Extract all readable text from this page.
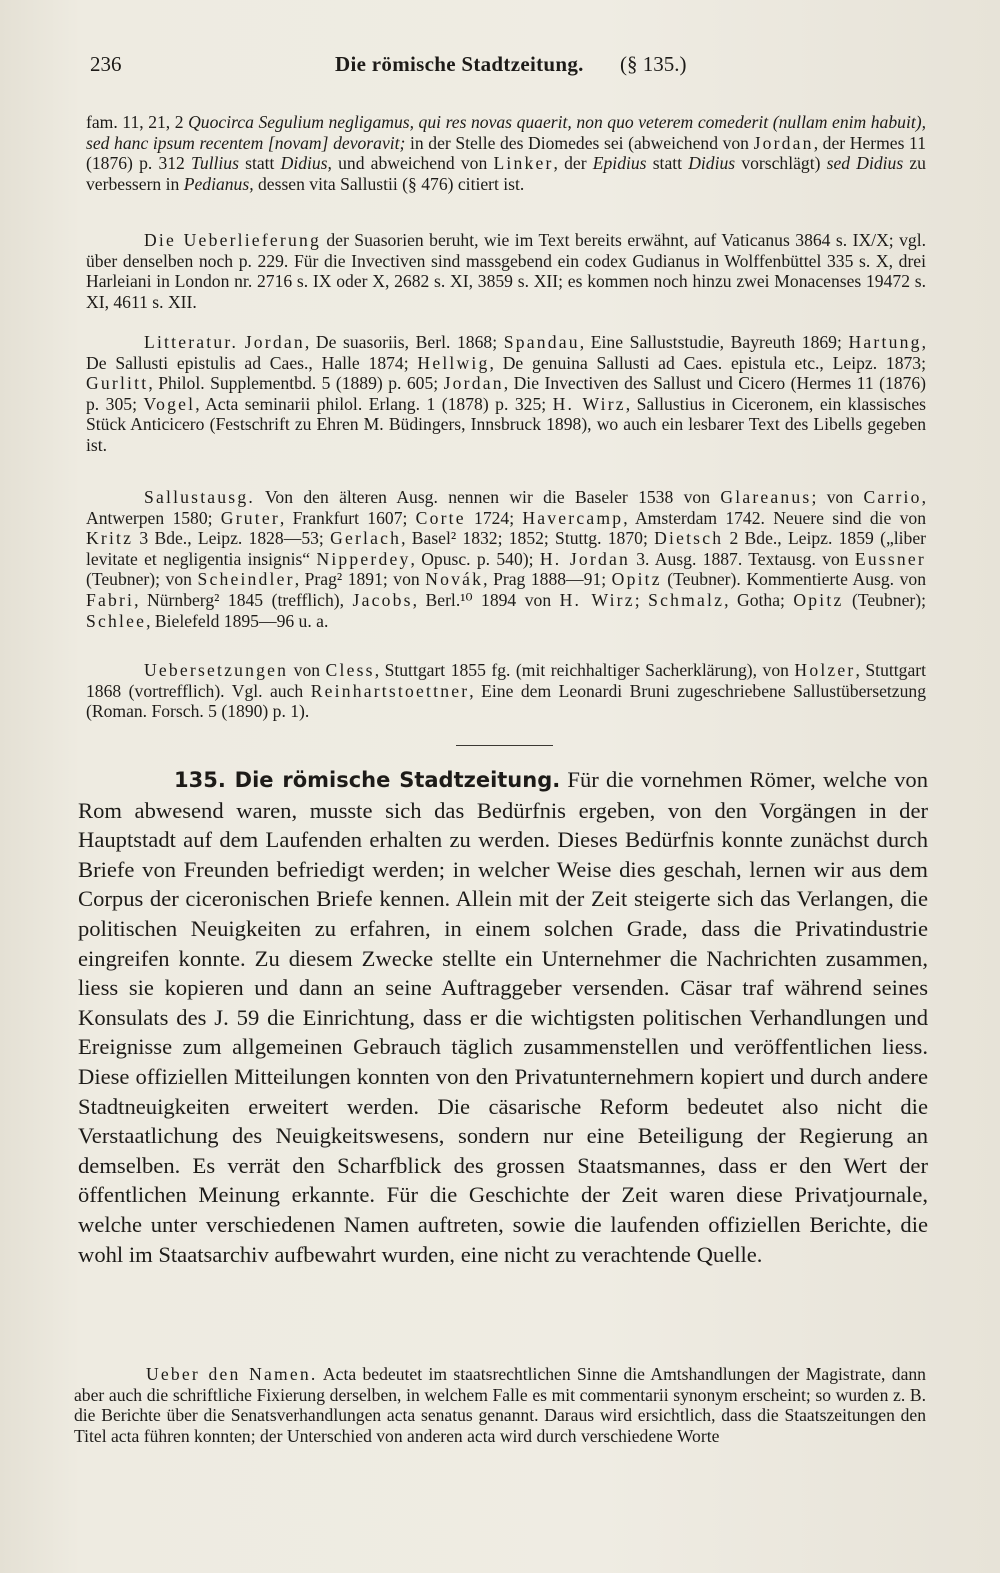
236	Die römische Stadtzeitung. (§ 135.)

fam. 11, 21, 2 Quocirca Segulium negligamus, qui res novas quaerit, non quo veterem comederit (nullam enim habuit), sed hanc ipsum recentem [novam] devoravit; in der Stelle des Diomedes sei (abweichend von Jordan, der Hermes 11 (1876) p. 312 Tullius statt Didius, und abweichend von Linker, der Epidius statt Didius vorschlägt) sed Didius zu verbessern in Pedianus, dessen vita Sallustii (§ 476) citiert ist.

Die Ueberlieferung der Suasorien beruht, wie im Text bereits erwähnt, auf Vaticanus 3864 s. IX/X; vgl. über denselben noch p. 229. Für die Invectiven sind massgebend ein codex Gudianus in Wolffenbüttel 335 s. X, drei Harleiani in London nr. 2716 s. IX oder X, 2682 s. XI, 3859 s. XII; es kommen noch hinzu zwei Monacenses 19472 s. XI, 4611 s. XII.

Litteratur. Jordan, De suasoriis, Berl. 1868; Spandau, Eine Salluststudie, Bayreuth 1869; Hartung, De Sallusti epistulis ad Caes., Halle 1874; Hellwig, De genuina Sallusti ad Caes. epistula etc., Leipz. 1873; Gurlitt, Philol. Supplementbd. 5 (1889) p. 605; Jordan, Die Invectiven des Sallust und Cicero (Hermes 11 (1876) p. 305; Vogel, Acta seminarii philol. Erlang. 1 (1878) p. 325; H. Wirz, Sallustius in Ciceronem, ein klassisches Stück Anticicero (Festschrift zu Ehren M. Büdingers, Innsbruck 1898), wo auch ein lesbarer Text des Libells gegeben ist.

Sallustausg. Von den älteren Ausg. nennen wir die Baseler 1538 von Glareanus; von Carrio, Antwerpen 1580; Gruter, Frankfurt 1607; Corte 1724; Havercamp, Amsterdam 1742. Neuere sind die von Kritz 3 Bde., Leipz. 1828—53; Gerlach, Basel² 1832; 1852; Stuttg. 1870; Dietsch 2 Bde., Leipz. 1859 („liber levitate et negligentia insignis“ Nipperdey, Opusc. p. 540); H. Jordan 3. Ausg. 1887. Textausg. von Eussner (Teubner); von Scheindler, Prag² 1891; von Novák, Prag 1888—91; Opitz (Teubner). Kommentierte Ausg. von Fabri, Nürnberg² 1845 (trefflich), Jacobs, Berl.¹⁰ 1894 von H. Wirz; Schmalz, Gotha; Opitz (Teubner); Schlee, Bielefeld 1895—96 u. a.

Uebersetzungen von Cless, Stuttgart 1855 fg. (mit reichhaltiger Sacherklärung), von Holzer, Stuttgart 1868 (vortrefflich). Vgl. auch Reinhartstoettner, Eine dem Leonardi Bruni zugeschriebene Sallustübersetzung (Roman. Forsch. 5 (1890) p. 1).

135. Die römische Stadtzeitung. Für die vornehmen Römer, welche von Rom abwesend waren, musste sich das Bedürfnis ergeben, von den Vorgängen in der Hauptstadt auf dem Laufenden erhalten zu werden. Dieses Bedürfnis konnte zunächst durch Briefe von Freunden befriedigt werden; in welcher Weise dies geschah, lernen wir aus dem Corpus der ciceronischen Briefe kennen. Allein mit der Zeit steigerte sich das Verlangen, die politischen Neuigkeiten zu erfahren, in einem solchen Grade, dass die Privatindustrie eingreifen konnte. Zu diesem Zwecke stellte ein Unternehmer die Nachrichten zusammen, liess sie kopieren und dann an seine Auftraggeber versenden. Cäsar traf während seines Konsulats des J. 59 die Einrichtung, dass er die wichtigsten politischen Verhandlungen und Ereignisse zum allgemeinen Gebrauch täglich zusammenstellen und veröffentlichen liess. Diese offiziellen Mitteilungen konnten von den Privatunternehmern kopiert und durch andere Stadtneuigkeiten erweitert werden. Die cäsarische Reform bedeutet also nicht die Verstaatlichung des Neuigkeitswesens, sondern nur eine Beteiligung der Regierung an demselben. Es verrät den Scharfblick des grossen Staatsmannes, dass er den Wert der öffentlichen Meinung erkannte. Für die Geschichte der Zeit waren diese Privatjournale, welche unter verschiedenen Namen auftreten, sowie die laufenden offiziellen Berichte, die wohl im Staatsarchiv aufbewahrt wurden, eine nicht zu verachtende Quelle.

Ueber den Namen. Acta bedeutet im staatsrechtlichen Sinne die Amtshandlungen der Magistrate, dann aber auch die schriftliche Fixierung derselben, in welchem Falle es mit commentarii synonym erscheint; so wurden z. B. die Berichte über die Senatsverhandlungen acta senatus genannt. Daraus wird ersichtlich, dass die Staatszeitungen den Titel acta führen konnten; der Unterschied von anderen acta wird durch verschiedene Worte
